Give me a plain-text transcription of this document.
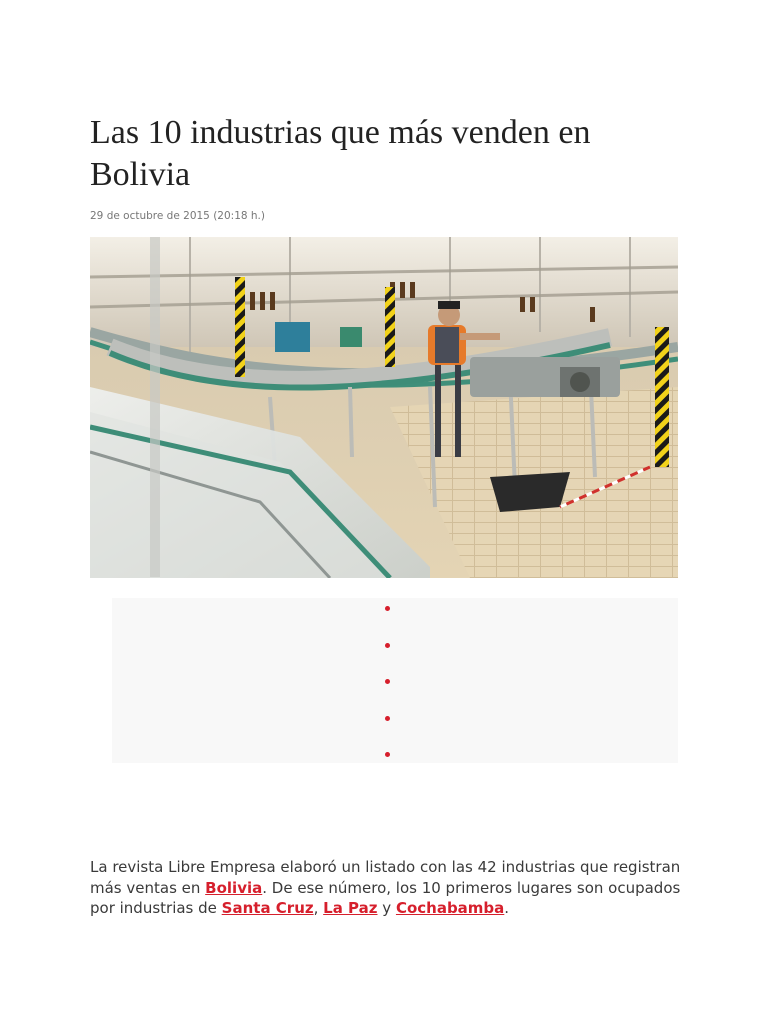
Las 10 industrias que más venden en Bolivia
29 de octubre de 2015 (20:18 h.)

La revista Libre Empresa elaboró un listado con las 42 industrias que registran más ventas en Bolivia. De ese número, los 10 primeros lugares son ocupados por industrias de Santa Cruz, La Paz y Cochabamba.
